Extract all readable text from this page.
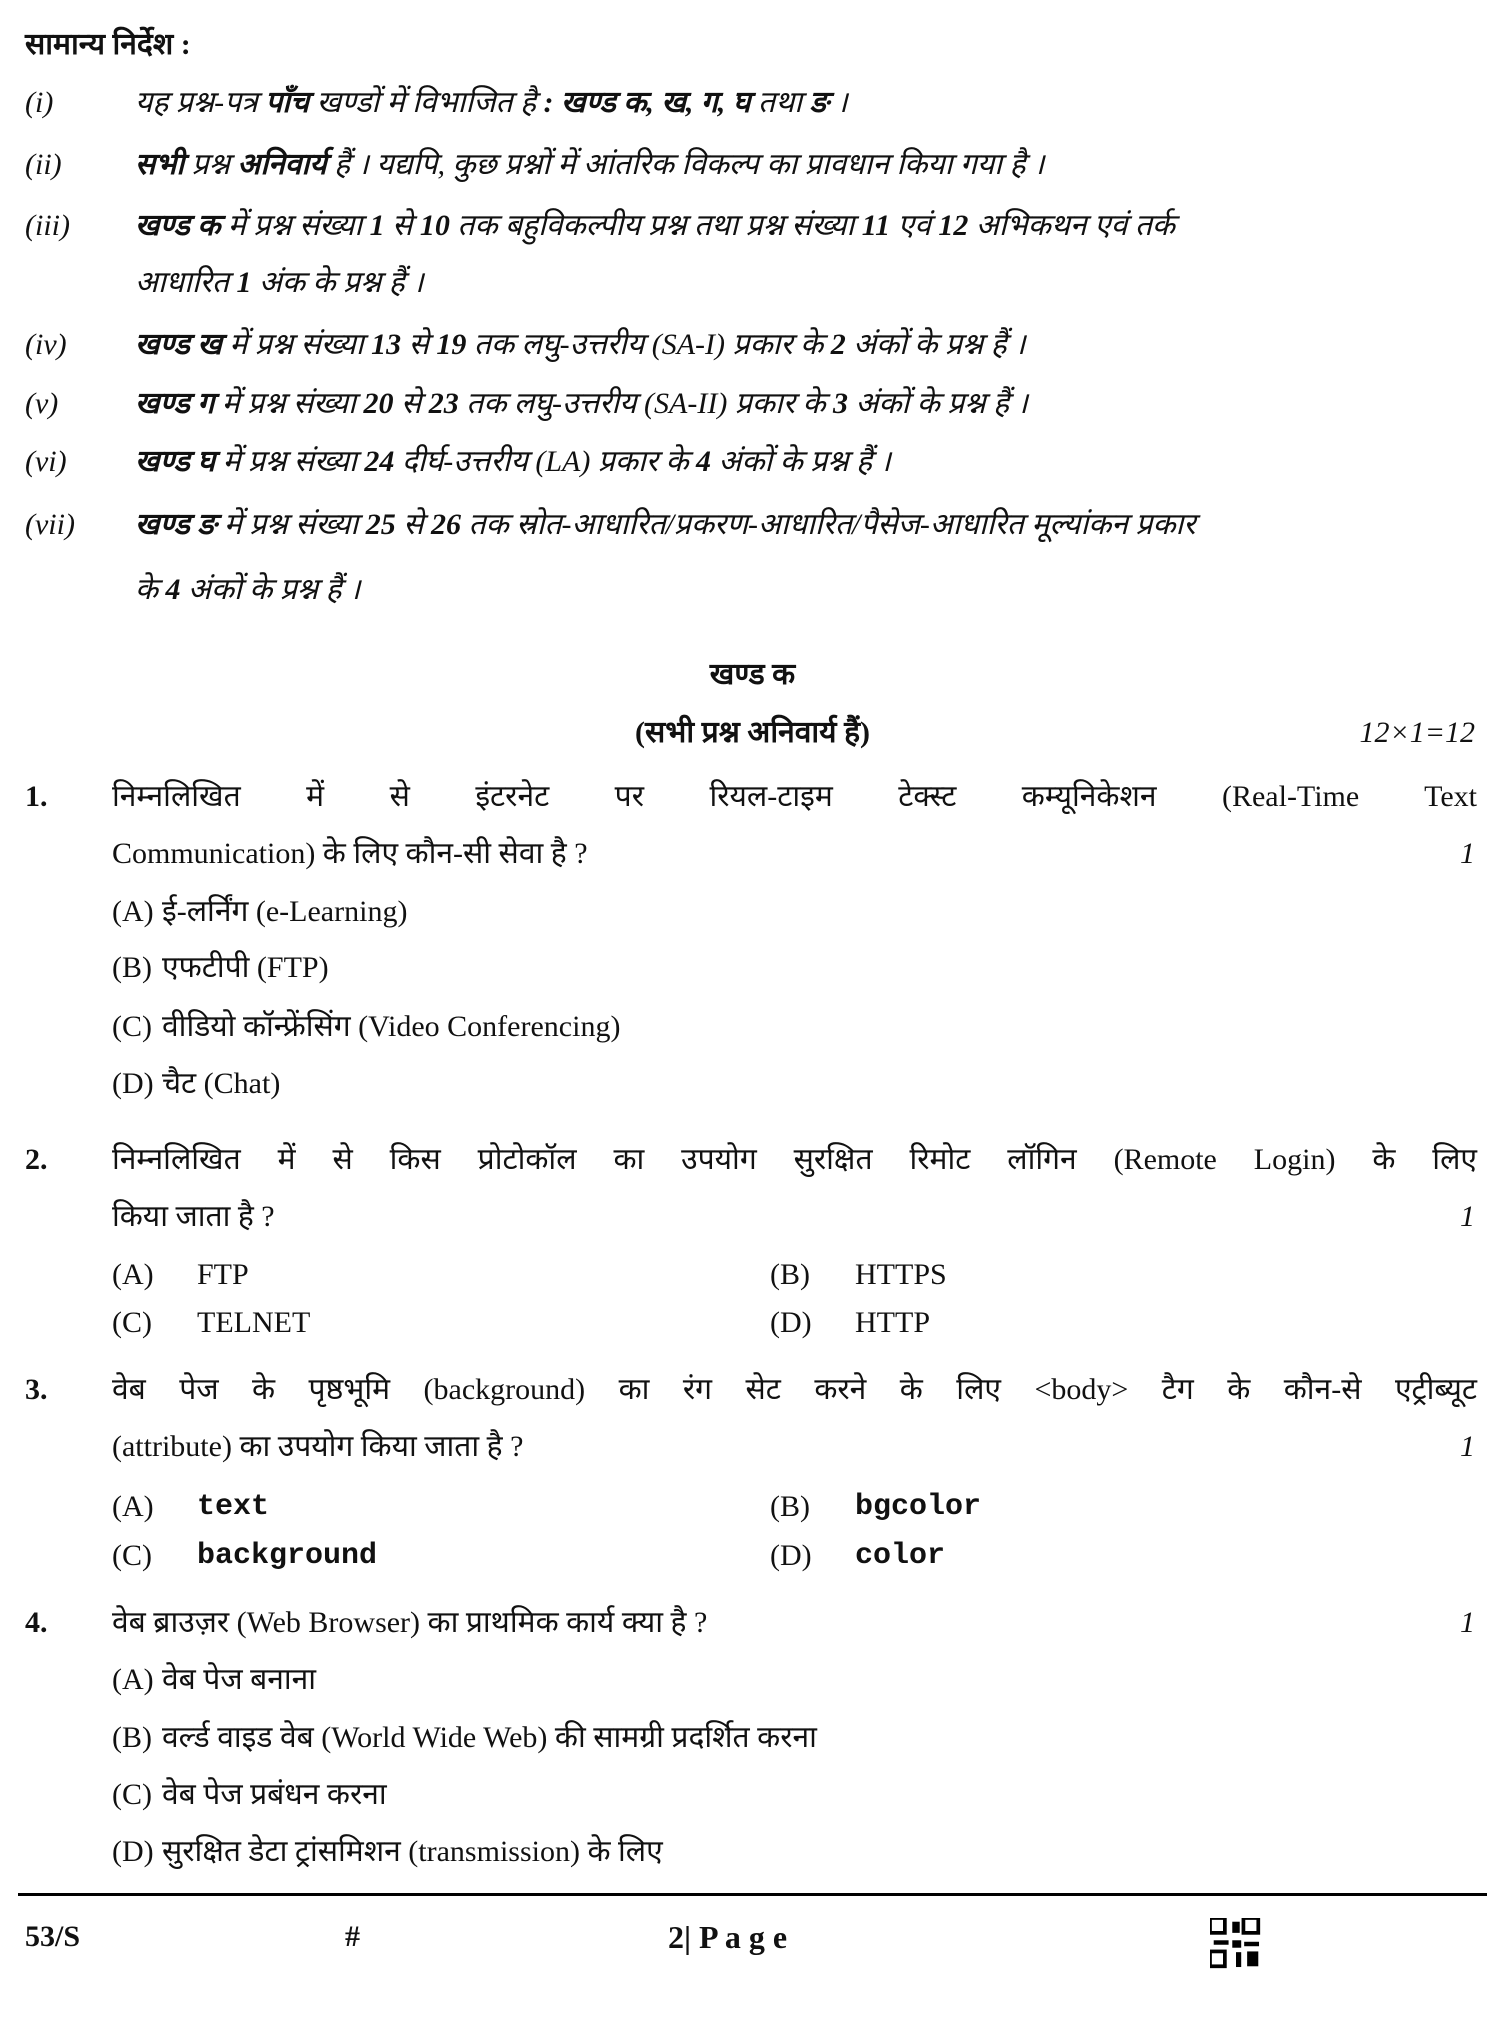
सामान्य निर्देश :
(i)	यह प्रश्न-पत्र पाँच खण्डों में विभाजित है : खण्ड क, ख, ग, घ तथा ङ ।
(ii) सभी प्रश्न अनिवार्य हैं । यद्यपि, कुछ प्रश्नों में आंतरिक विकल्प का प्रावधान किया गया है ।
(iii) खण्ड क में प्रश्न संख्या 1 से 10 तक बहुविकल्पीय प्रश्न तथा प्रश्न संख्या 11 एवं 12 अभिकथन एवं तर्क
आधारित 1 अंक के प्रश्न हैं ।
(iv) खण्ड ख में प्रश्न संख्या 13 से 19 तक लघु-उत्तरीय (SA-I) प्रकार के 2 अंकों के प्रश्न हैं ।
(v)	खण्ड ग में प्रश्न संख्या 20 से 23 तक लघु-उत्तरीय (SA-II) प्रकार के 3 अंकों के प्रश्न हैं ।
(vi) खण्ड घ में प्रश्न संख्या 24 दीर्घ-उत्तरीय (LA) प्रकार के 4 अंकों के प्रश्न हैं ।
(vii) खण्ड ङ में प्रश्न संख्या 25 से 26 तक स्रोत-आधारित/प्रकरण-आधारित/पैसेज-आधारित मूल्यांकन प्रकार
के 4 अंकों के प्रश्न हैं ।
खण्ड क
(सभी प्रश्न अनिवार्य हैं)	12×1=12
1. निम्नलिखित में से इंटरनेट पर रियल-टाइम टेक्स्ट कम्यूनिकेशन (Real-Time Text
Communication) के लिए कौन-सी सेवा है ?	1
(A) ई-लर्निंग (e-Learning)
(B) एफटीपी (FTP)
(C) वीडियो कॉन्फ्रेंसिंग (Video Conferencing)
(D) चैट (Chat)
2. निम्नलिखित में से किस प्रोटोकॉल का उपयोग सुरक्षित रिमोट लॉगिन (Remote Login) के लिए
किया जाता है ?	1
(A) FTP	(B) HTTPS
(C) TELNET	(D) HTTP
3. वेब पेज के पृष्ठभूमि (background) का रंग सेट करने के लिए <body> टैग के कौन-से एट्रीब्यूट
(attribute) का उपयोग किया जाता है ?	1
(A) text	(B) bgcolor
(C) background	(D) color
4. वेब ब्राउज़र (Web Browser) का प्राथमिक कार्य क्या है ?	1
(A) वेब पेज बनाना
(B) वर्ल्ड वाइड वेब (World Wide Web) की सामग्री प्रदर्शित करना
(C) वेब पेज प्रबंधन करना
(D) सुरक्षित डेटा ट्रांसमिशन (transmission) के लिए
53/S	#	2| P a g e
